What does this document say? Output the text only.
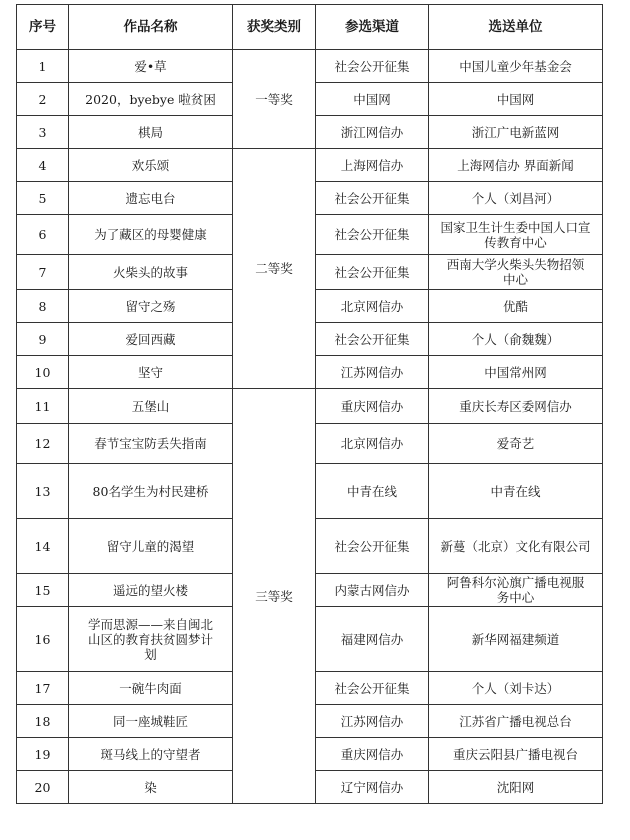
序号	作品名称	获奖类别	参选渠道	选送单位
1	爱•草	一等奖	社会公开征集	中国儿童少年基金会
2	2020，byebye 啦贫困		中国网	中国网
3	棋局		浙江网信办	浙江广电新蓝网
4	欢乐颂	二等奖	上海网信办	上海网信办 界面新闻
5	遗忘电台		社会公开征集	个人（刘昌河）
6	为了藏区的母婴健康		社会公开征集	国家卫生计生委中国人口宣传教育中心

7	火柴头的故事		社会公开征集	西南大学火柴头失物招领中心

8	留守之殇		北京网信办	优酷
9	爱回西藏		社会公开征集	个人（俞魏魏）
10	坚守		江苏网信办	中国常州网
11	五堡山	三等奖	重庆网信办	重庆长寿区委网信办
12	春节宝宝防丢失指南		北京网信办	爱奇艺
13	80名学生为村民建桥		中青在线	中青在线
14	留守儿童的渴望		社会公开征集	新蔓（北京）文化有限公司

15	遥远的望火楼		内蒙古网信办	阿鲁科尔沁旗广播电视服务中心

16	学而思源——来自闽北山区的教育扶贫圆梦计划		福建网信办	新华网福建频道
17	一碗牛肉面		社会公开征集	个人（刘卡达）
18	同一座城鞋匠		江苏网信办	江苏省广播电视总台
19	斑马线上的守望者		重庆网信办	重庆云阳县广播电视台
20	染		辽宁网信办	沈阳网
